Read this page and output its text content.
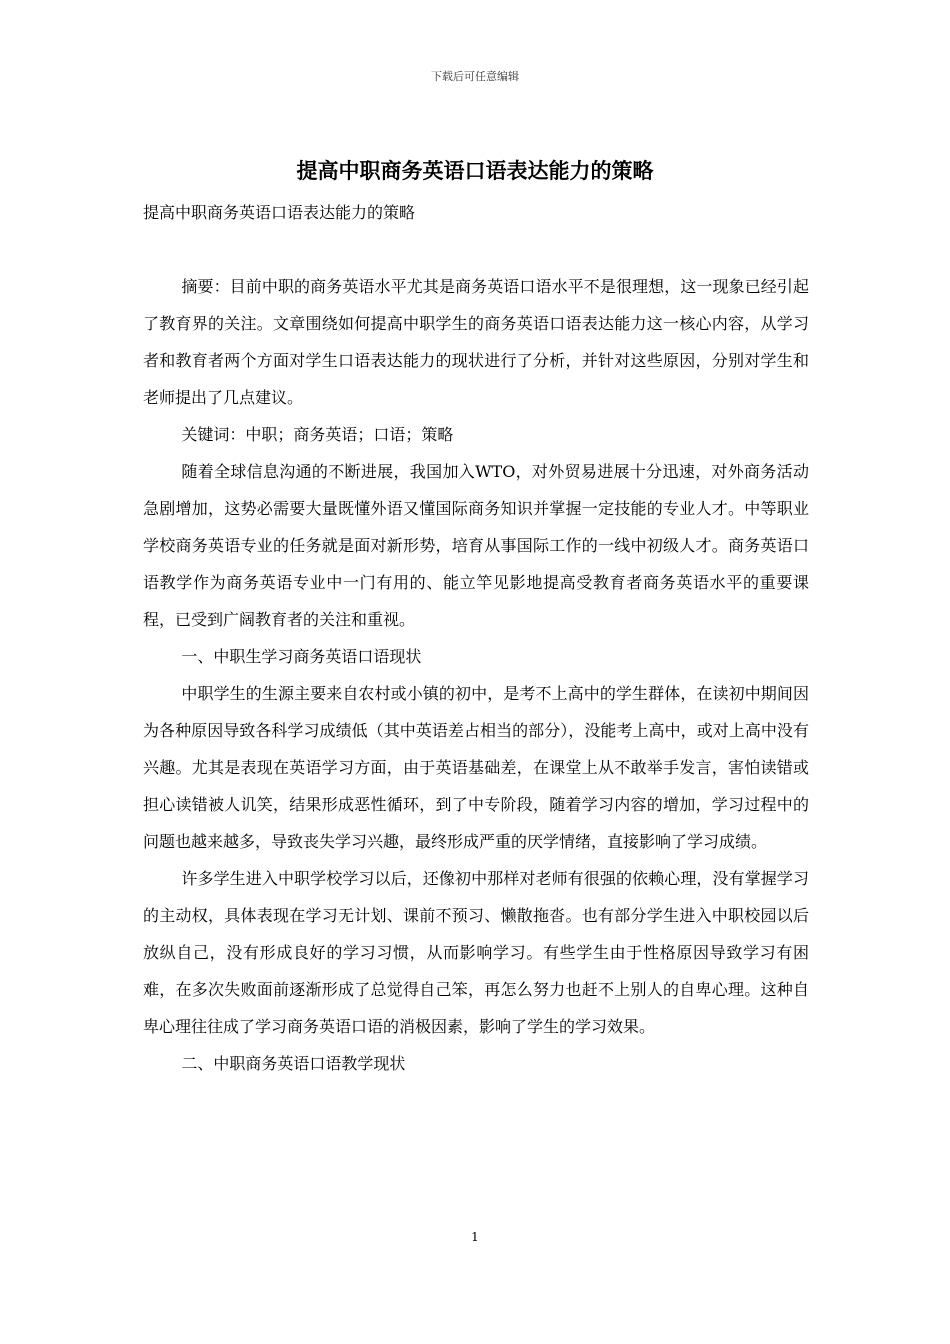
下载后可任意编辑
提高中职商务英语口语表达能力的策略

提高中职商务英语口语表达能力的策略

摘要：目前中职的商务英语水平尤其是商务英语口语水平不是很理想，这一现象已经引起了教育界的关注。文章围绕如何提高中职学生的商务英语口语表达能力这一核心内容，从学习者和教育者两个方面对学生口语表达能力的现状进行了分析，并针对这些原因，分别对学生和老师提出了几点建议。

关键词：中职；商务英语；口语；策略

随着全球信息沟通的不断进展，我国加入WTO，对外贸易进展十分迅速，对外商务活动急剧增加，这势必需要大量既懂外语又懂国际商务知识并掌握一定技能的专业人才。中等职业学校商务英语专业的任务就是面对新形势，培育从事国际工作的一线中初级人才。商务英语口语教学作为商务英语专业中一门有用的、能立竿见影地提高受教育者商务英语水平的重要课程，已受到广阔教育者的关注和重视。

一、中职生学习商务英语口语现状

中职学生的生源主要来自农村或小镇的初中，是考不上高中的学生群体，在读初中期间因为各种原因导致各科学习成绩低（其中英语差占相当的部分），没能考上高中，或对上高中没有兴趣。尤其是表现在英语学习方面，由于英语基础差，在课堂上从不敢举手发言，害怕读错或担心读错被人讥笑，结果形成恶性循环，到了中专阶段，随着学习内容的增加，学习过程中的问题也越来越多，导致丧失学习兴趣，最终形成严重的厌学情绪，直接影响了学习成绩。

许多学生进入中职学校学习以后，还像初中那样对老师有很强的依赖心理，没有掌握学习的主动权，具体表现在学习无计划、课前不预习、懒散拖沓。也有部分学生进入中职校园以后放纵自己，没有形成良好的学习习惯，从而影响学习。有些学生由于性格原因导致学习有困难，在多次失败面前逐渐形成了总觉得自己笨，再怎么努力也赶不上别人的自卑心理。这种自卑心理往往成了学习商务英语口语的消极因素，影响了学生的学习效果。

二、中职商务英语口语教学现状

1
